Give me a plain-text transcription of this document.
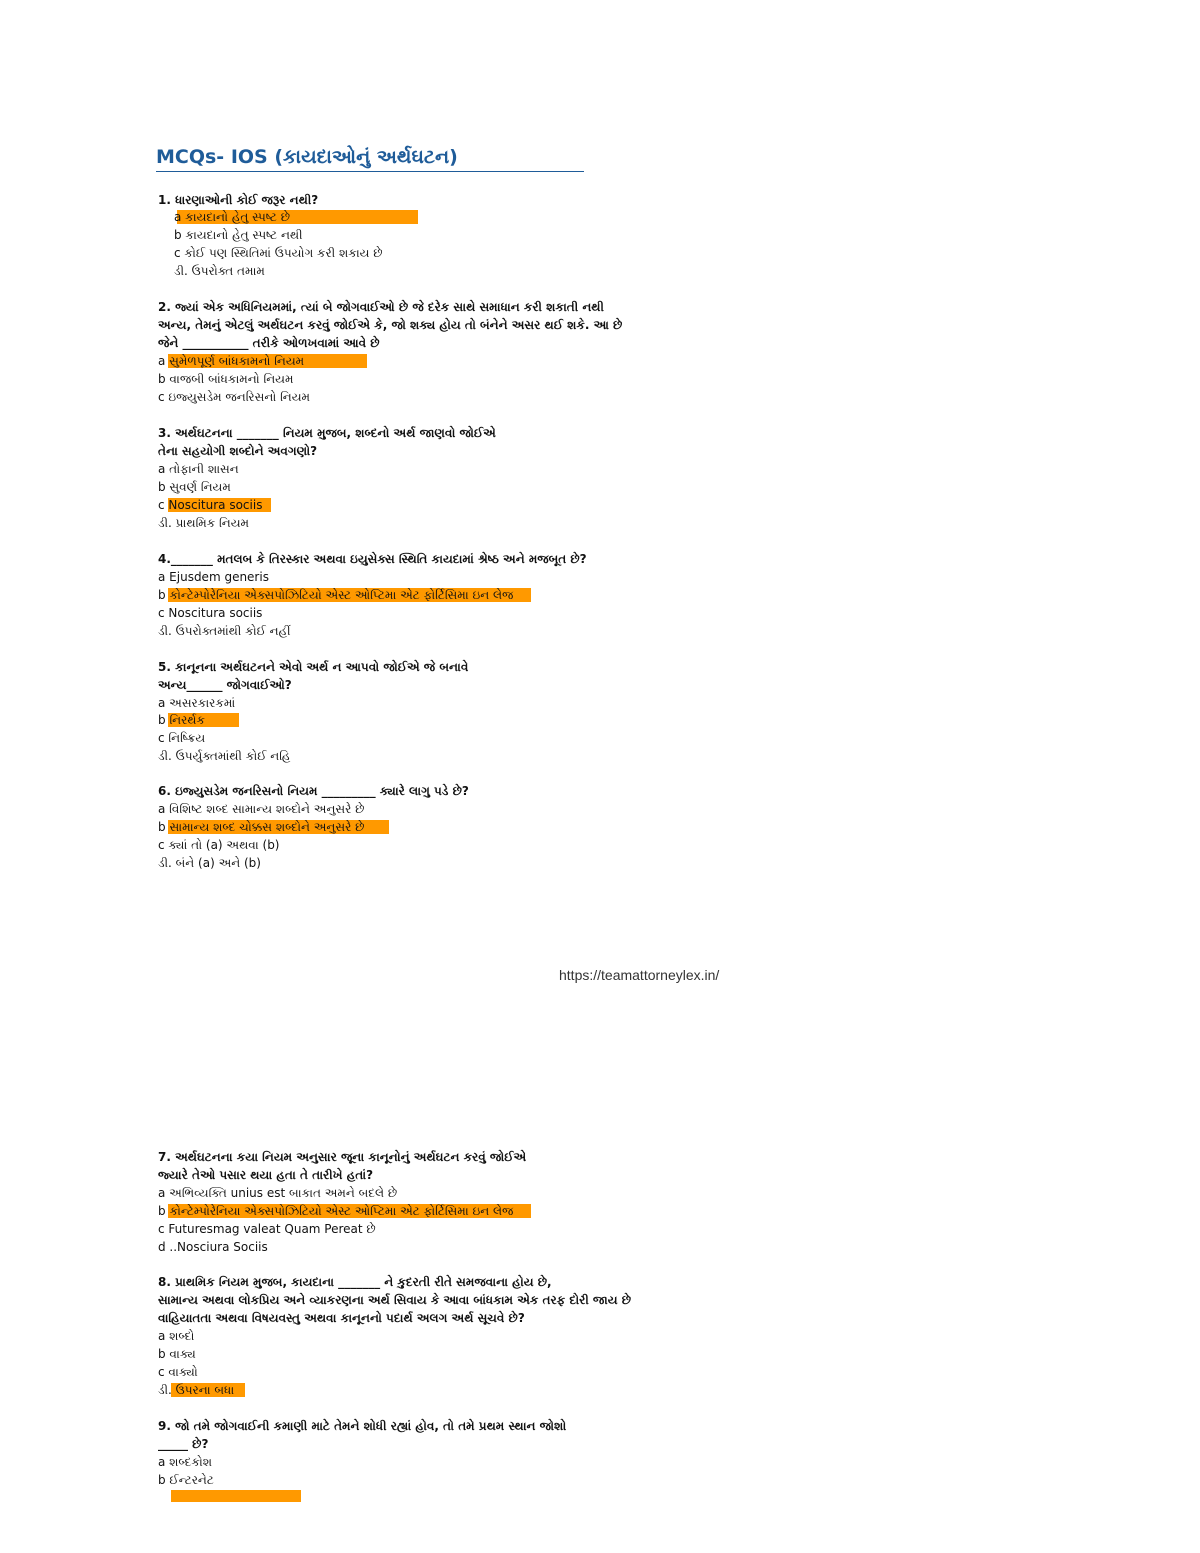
MCQs- IOS (કાયદાઓનું અર્થઘટન)
1. ધારણાઓની કોઈ જરૂર નથી?
a કાયદાનો હેતુ સ્પષ્ટ છે
b કાયદાનો હેતુ સ્પષ્ટ નથી
c કોઈ પણ સ્થિતિમાં ઉપયોગ કરી શકાય છે
ડી. ઉપરોક્ત તમામ
2. જ્યાં એક અધિનિયમમાં, ત્યાં બે જોગવાઈઓ છે જે દરેક સાથે સમાધાન કરી શકાતી નથી
અન્ય, તેમનું એટલું અર્થઘટન કરવું જોઈએ કે, જો શક્ય હોય તો બંનેને અસર થઈ શકે. આ છે
જેને ___________ તરીકે ઓળખવામાં આવે છે
a સુમેળપૂર્ણ બાંધકામનો નિયમ
b વાજબી બાંધકામનો નિયમ
c ઇજ્યુસડેમ જનરિસનો નિયમ
3. અર્થઘટનના _______ નિયમ મુજબ, શબ્દનો અર્થ જાણવો જોઈએ
તેના સહયોગી શબ્દોને અવગણો?
a તોફાની શાસન
b સુવર્ણ નિયમ
c Noscitura sociis
ડી. પ્રાથમિક નિયમ
4._______ મતલબ કે તિરસ્કાર અથવા ઇયુસેક્સ સ્થિતિ કાયદામાં શ્રેષ્ઠ અને મજબૂત છે?
a Ejusdem generis
b કોન્ટેમ્પોરેનિયા એક્સપોઝિટિયો એસ્ટ ઓપ્ટિમા એટ ફોર્ટિસિમા ઇન લેજ
c Noscitura sociis
ડી. ઉપરોક્તમાંથી કોઈ નહીં
5. કાનૂનના અર્થઘટનને એવો અર્થ ન આપવો જોઈએ જે બનાવે
અન્ય______ જોગવાઈઓ?
a અસરકારકમાં
b નિરર્થક
c નિષ્ક્રિય
ડી. ઉપર્યુક્તમાંથી કોઈ નહિ
6. ઇજ્યુસડેમ જનરિસનો નિયમ _________ ક્યારે લાગુ પડે છે?
a વિશિષ્ટ શબ્દ સામાન્ય શબ્દોને અનુસરે છે
b સામાન્ય શબ્દ ચોક્કસ શબ્દોને અનુસરે છે
c ક્યાં તો (a) અથવા (b)
ડી. બંને (a) અને (b)
https://teamattorneylex.in/
7. અર્થઘટનના કયા નિયમ અનુસાર જૂના કાનૂનોનું અર્થઘટન કરવું જોઈએ
જ્યારે તેઓ પસાર થયા હતા તે તારીખે હતાં?
a અભિવ્યક્તિ unius est બાકાત અમને બદલે છે
b કોન્ટેમ્પોરેનિયા એક્સપોઝિટિયો એસ્ટ ઓપ્ટિમા એટ ફોર્ટિસિમા ઇન લેજ
c Futuresmag valeat Quam Pereat છે
d ..Nosciura Sociis
8. પ્રાથમિક નિયમ મુજબ, કાયદાના _______ ને કુદરતી રીતે સમજવાના હોય છે,
સામાન્ય અથવા લોકપ્રિય અને વ્યાકરણના અર્થ સિવાય કે આવા બાંધકામ એક તરફ દોરી જાય છે
વાહિયાતતા અથવા વિષયવસ્તુ અથવા કાનૂનનો પદાર્થ અલગ અર્થ સૂચવે છે?
a શબ્દો
b વાક્ય
c વાક્યો
ડી. ઉપરના બધા
9. જો તમે જોગવાઈની કમાણી માટે તેમને શોધી રહ્યાં હોવ, તો તમે પ્રથમ સ્થાન જોશો
_____ છે?
a શબ્દકોશ
b ઈન્ટરનેટ
